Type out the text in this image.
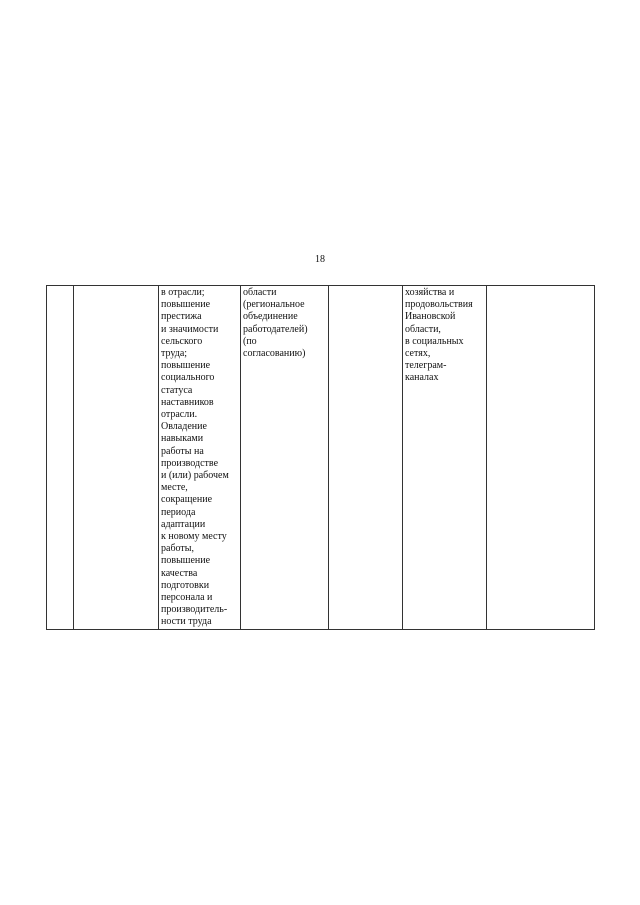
18
		в отрасли;
повышение
престижа
и значимости
сельского
труда;
повышение
социального
статуса
наставников
отрасли.
Овладение
навыками
работы на
производстве
и (или) рабочем
месте,
сокращение
периода
адаптации
к новому месту
работы,
повышение
качества
подготовки
персонала и
производитель-
ности труда	области
(региональное
объединение
работодателей)
(по
согласованию)		хозяйства и
продовольствия
Ивановской
области,
в социальных
сетях,
телеграм-
каналах	
